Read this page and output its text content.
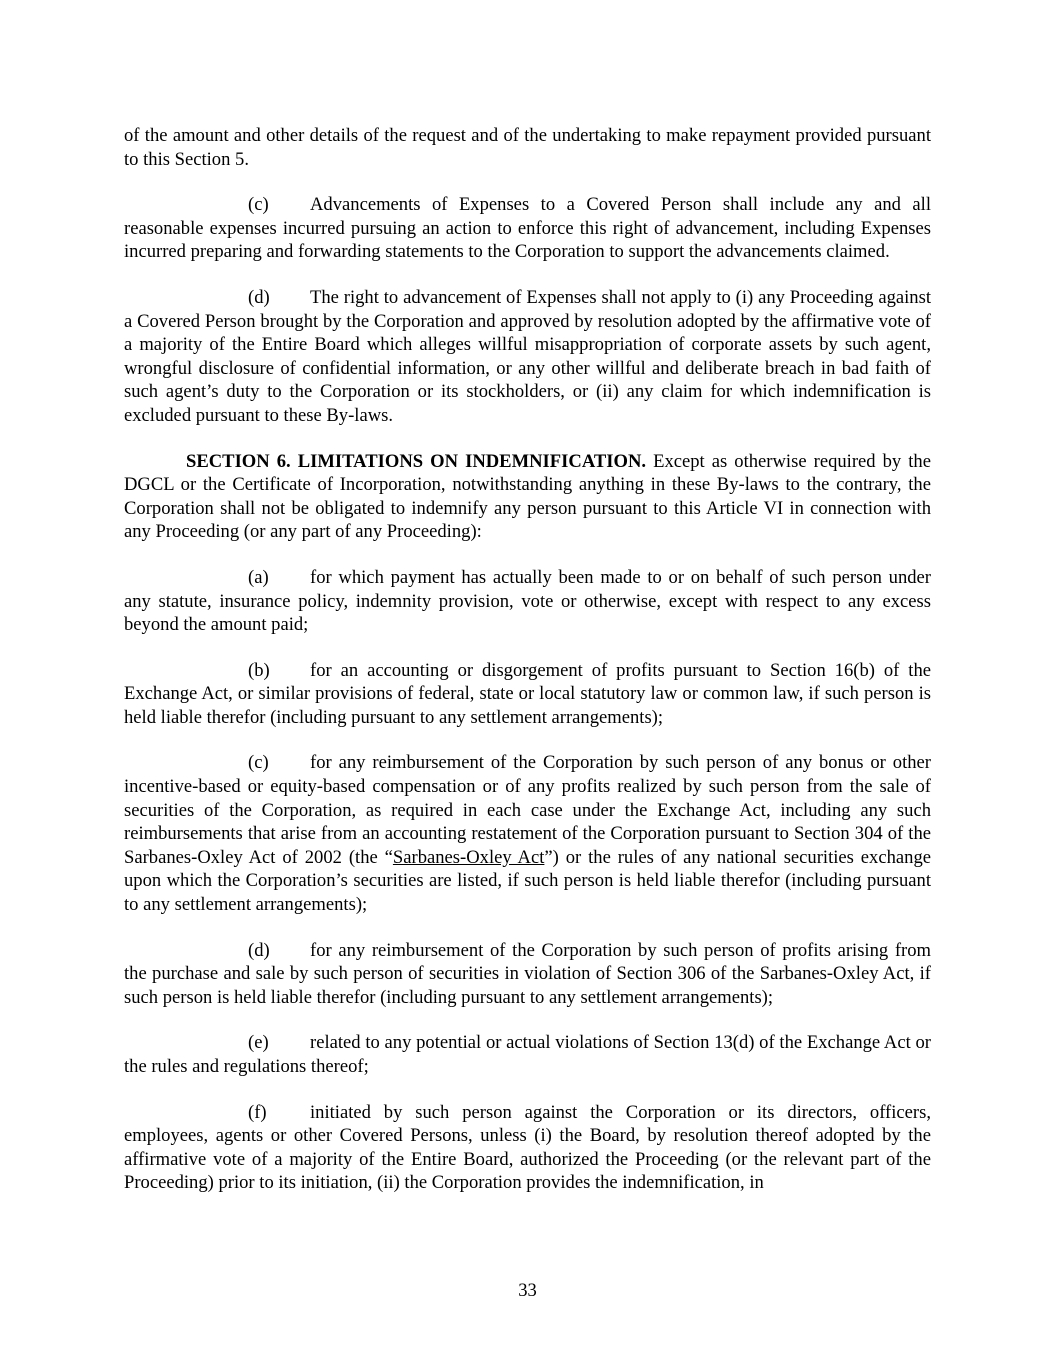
of the amount and other details of the request and of the undertaking to make repayment provided pursuant to this Section 5.

(c) Advancements of Expenses to a Covered Person shall include any and all reasonable expenses incurred pursuing an action to enforce this right of advancement, including Expenses incurred preparing and forwarding statements to the Corporation to support the advancements claimed.

(d) The right to advancement of Expenses shall not apply to (i) any Proceeding against a Covered Person brought by the Corporation and approved by resolution adopted by the affirmative vote of a majority of the Entire Board which alleges willful misappropriation of corporate assets by such agent, wrongful disclosure of confidential information, or any other willful and deliberate breach in bad faith of such agent’s duty to the Corporation or its stockholders, or (ii) any claim for which indemnification is excluded pursuant to these By-laws.

SECTION 6. LIMITATIONS ON INDEMNIFICATION. Except as otherwise required by the DGCL or the Certificate of Incorporation, notwithstanding anything in these By-laws to the contrary, the Corporation shall not be obligated to indemnify any person pursuant to this Article VI in connection with any Proceeding (or any part of any Proceeding):

(a) for which payment has actually been made to or on behalf of such person under any statute, insurance policy, indemnity provision, vote or otherwise, except with respect to any excess beyond the amount paid;

(b) for an accounting or disgorgement of profits pursuant to Section 16(b) of the Exchange Act, or similar provisions of federal, state or local statutory law or common law, if such person is held liable therefor (including pursuant to any settlement arrangements);

(c) for any reimbursement of the Corporation by such person of any bonus or other incentive-based or equity-based compensation or of any profits realized by such person from the sale of securities of the Corporation, as required in each case under the Exchange Act, including any such reimbursements that arise from an accounting restatement of the Corporation pursuant to Section 304 of the Sarbanes-Oxley Act of 2002 (the “Sarbanes-Oxley Act”) or the rules of any national securities exchange upon which the Corporation’s securities are listed, if such person is held liable therefor (including pursuant to any settlement arrangements);

(d) for any reimbursement of the Corporation by such person of profits arising from the purchase and sale by such person of securities in violation of Section 306 of the Sarbanes-Oxley Act, if such person is held liable therefor (including pursuant to any settlement arrangements);

(e) related to any potential or actual violations of Section 13(d) of the Exchange Act or the rules and regulations thereof;

(f) initiated by such person against the Corporation or its directors, officers, employees, agents or other Covered Persons, unless (i) the Board, by resolution thereof adopted by the affirmative vote of a majority of the Entire Board, authorized the Proceeding (or the relevant part of the Proceeding) prior to its initiation, (ii) the Corporation provides the indemnification, in

33
